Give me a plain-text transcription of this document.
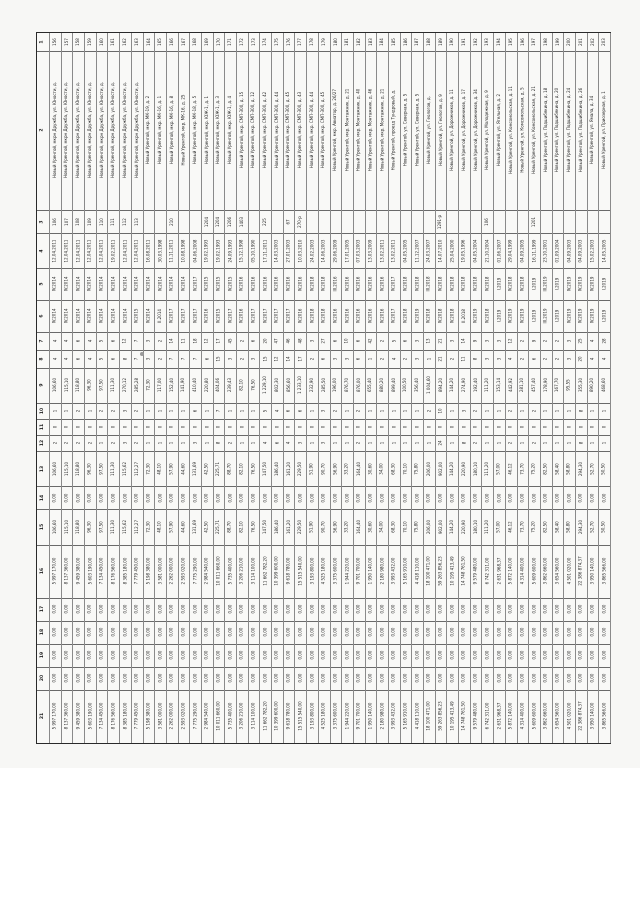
1
2
3
4
5
6
7
8
9
10
11
12
13
14
15
16
17
18
19
20
21
156
Новый Уренгой, мкрн Дружба, ул. Юности, д.
106
12.04.2011
IV.2014
IV.2014
4
4
106,60
1
0
2
106,60
0,00
106,60
5 997 170,00
0,00
0,00
0,00
0,00
5 997 170,00
157
Новый Уренгой, мкрн Дружба, ул. Юности, д.
107
12.04.2011
IV.2014
IV.2014
4
4
115,10
1
0
2
115,10
0,00
115,10
8 137 360,00
0,00
0,00
0,00
0,00
8 137 360,00
158
Новый Уренгой, мкрн Дружба, ул. Юности, д.
108
12.04.2011
IV.2014
IV.2014
6
6
118,80
2
0
2
118,80
0,00
118,80
9 459 380,00
0,00
0,00
0,00
0,00
9 459 380,00
159
Новый Уренгой, мкрн Дружба, ул. Юности, д.
109
12.04.2011
IV.2014
IV.2014
4
4
96,30
1
0
2
96,30
0,00
96,30
5 603 190,00
0,00
0,00
0,00
0,00
5 603 190,00
160
Новый Уренгой, мкрн Дружба, ул. Юности, д.
110
12.04.2011
IV.2014
IV.2014
5
5
97,50
2
0
1
97,50
0,00
97,50
7 134 450,00
0,00
0,00
0,00
0,00
7 134 450,00
161
Новый Уренгой, мкрн Дружба, ул. Юности, д.
111
19.02.2011
IV.2014
IV.2014
6
6
111,30
2
0
2
111,30
0,00
111,30
8 176 560,00
0,00
0,00
0,00
0,00
8 176 560,00
162
Новый Уренгой, мкрн Дружба, ул. Юности, д.
112
12.04.2011
IV.2014
IV.2014
12
8
270,12
3
0
3
115,62
0,00
115,62
8 385 180,00
0,00
0,00
0,00
0,00
8 385 180,00
163
Новый Уренгой, мкрн Дружба, ул. Юности, д.
113
12.04.2011
IV.2014
IV.2015
7
7
285,28
2
0
2
112,27
0,00
112,27
7 779 450,00
0,00
0,00
0,00
0,00
7 779 450,00
164
Новый Уренгой, мкр. МК-19, д. 2
16.08.2011
IV.2014
IV.2014
3
3
72,30
1
0
1
72,30
0,00
72,30
5 198 380,00
0,00
0,00
0,00
0,00
5 198 380,00
165
Новый Уренгой, мкр. МК-16, д. 1
30.03.1998
IV.2014
II.2014
2
2
117,00
1
0
1
48,10
0,00
48,10
3 581 000,00
0,00
0,00
0,00
0,00
3 581 000,00
166
Новый Уренгой, мкр. МК-16, д. 8
210
11.11.2011
IV.2014
IV.2017
14
7
152,40
1
0
1
57,90
0,00
57,90
2 262 000,00
0,00
0,00
0,00
0,00
2 262 000,00
167
Новый Уренгой, мкр. МК-16, д. 25
10.08.1998
IV.2014
IV.2017
11
7
141,90
1
0
1
44,60
0,00
44,60
2 593 020,00
0,00
0,00
0,00
0,00
2 593 020,00
168
Новый Уренгой, мкр. МК-18, д. 5
04.06.2008
IV.2017
IV.2017
18
7
410,40
6
0
3
131,69
0,00
131,69
7 775 290,00
0,00
0,00
0,00
0,00
7 775 290,00
169
Новый Уренгой, мкр. ЮЖ-1, д. 1
1204
19.02.1993
IV.2015
IV.2016
12
6
220,80
1
0
1
42,50
0,00
42,50
2 984 540,00
0,00
0,00
0,00
0,00
2 984 540,00
170
Новый Уренгой, мкр. ЮЖ-1, д. 3
1204
19.02.1993
IV.2015
IV.2015
17
15
404,06
7
0
8
225,71
0,00
225,71
10 011 660,00
0,00
0,00
0,00
0,00
10 011 660,00
171
Новый Уренгой, мкр. ЮЖ-1, д. 4
1206
24.09.1993
IV.2015
IV.2017
45
3
239,43
1
0
2
88,70
0,00
88,70
5 735 400,00
0,00
0,00
0,00
0,00
5 735 400,00
172
Новый Уренгой, мкр. СМП-300, д. 15
1403
15.12.1998
IV.2016
IV.2016
2
2
82,10
1
0
1
82,10
0,00
82,10
3 206 210,00
0,00
0,00
0,00
0,00
3 206 210,00
173
Новый Уренгой, мкр. СМП-300, д. 12
05.10.1990
IV.2016
IV.2017
6
3
76,50
1
0
1
76,50
0,00
76,50
3 114 100,00
0,00
0,00
0,00
0,00
3 114 100,00
174
Новый Уренгой, мкр. СМП-300, д. 42
225
17.11.2011
IV.2016
IV.2017
20
15
1 229,10
5
0
4
147,50
0,00
147,50
11 662 782,20
0,00
0,00
0,00
0,00
11 662 782,20
175
Новый Уренгой, мкр. СМП-300, д. 44
14.03.2003
IV.2016
IV.2017
47
12
802,30
4
0
6
186,40
0,00
186,40
10 399 600,00
0,00
0,00
0,00
0,00
10 399 600,00
176
Новый Уренгой, мкр. СМП-300, д. 45
67
27.01.2003
IV.2016
IV.2017
46
14
856,60
6
0
4
161,20
0,00
161,20
9 618 780,00
0,00
0,00
0,00
0,00
9 618 780,00
177
Новый Уренгой, мкр. СМП-300, д. 43
270-р
10.03.2010
IV.2016
IV.2016
48
17
1 233,10
6
0
3
229,50
0,00
229,50
15 515 540,00
0,00
0,00
0,00
0,00
15 515 540,00
178
Новый Уренгой, мкр. СМП-300, д. 44
24.02.2003
IV.2018
IV.2018
3
2
232,90
1
0
1
51,90
0,00
51,90
3 193 800,00
0,00
0,00
0,00
0,00
3 193 800,00
179
Новый Уренгой, мкр. СМП-300, д. 45
14.06.2003
IV.2018
IV.2018
27
6
285,50
3
0
3
90,70
0,00
90,70
4 525 180,00
0,00
0,00
0,00
0,00
4 525 180,00
180
Новый Уренгой, мкр. Авиатор, д. 26/27
29.06.2009
III.2016
IV.2016
6
3
196,00
2
0
1
56,90
0,00
56,90
3 375 600,00
0,00
0,00
0,00
0,00
3 375 600,00
181
Новый Уренгой, мкр. Монтажник, д. 21
17.01.2005
IV.2016
IV.2016
10
3
876,70
1
0
1
33,20
0,00
33,20
1 944 220,00
0,00
0,00
0,00
0,00
1 944 220,00
182
Новый Уренгой, мкр. Монтажник, д. 40
07.03.2003
IV.2016
IV.2016
6
6
876,00
2
0
2
164,40
0,00
164,40
9 701 700,00
0,00
0,00
0,00
0,00
9 701 700,00
183
Новый Уренгой, мкр. Монтажник, д. 46
13.03.2009
IV.2016
IV.2016
42
1
655,40
1
0
1
30,60
0,00
30,60
1 950 140,00
0,00
0,00
0,00
0,00
1 950 140,00
184
Новый Уренгой, мкр. Монтажник, д. 21
13.02.2011
IV.2016
IV.2016
2
2
880,20
1
0
1
34,00
0,00
34,00
2 180 980,00
0,00
0,00
0,00
0,00
2 180 980,00
185
Новый Уренгой, проезд Тундровый, д.
13.02.2011
IV.2017
IV.2017
5
4
899,40
1
0
1
68,30
0,00
68,30
3 993 432,00
0,00
0,00
0,00
0,00
3 993 432,00
186
Новый Уренгой, ул. Северная, д. 5
04.05.2005
IV.2018
IV.2018
6
2
100,50
1
0
1
70,10
0,00
70,10
5 165 910,00
0,00
0,00
0,00
0,00
5 165 910,00
187
Новый Уренгой, ул. Северная, д. 5
11.12.2007
IV.2018
IV.2019
3
3
356,40
1
0
1
75,80
0,00
75,80
4 418 110,00
0,00
0,00
0,00
0,00
4 418 110,00
188
Новый Уренгой, ул. Геологов, д.
24.03.2007
III.2018
IV.2018
13
1
1 004,60
2
0
1
206,00
0,00
206,00
18 100 471,00
0,00
0,00
0,00
0,00
18 100 471,00
189
Новый Уренгой, ул. Геологов, д. 9
1291-р
14.07.2010
IV.2018
IV.2018
21
21
894,20
10
0
24
902,00
0,00
902,00
59 263 856,23
0,00
0,00
0,00
0,00
59 263 856,23
190
Новый Уренгой, ул. Дорожников, д. 11
25.04.2000
IV.2018
IV.2018
3
2
144,20
1
0
1
144,20
0,00
144,20
10 195 413,49
0,00
0,00
0,00
0,00
10 195 413,49
191
Новый Уренгой, ул. Дорожников, д. 17
19.05.1996
IV.2018
II.2018
14
11
274,90
3
0
8
220,90
0,00
220,90
14 748 761,50
0,00
0,00
0,00
0,00
14 748 761,50
192
Новый Уренгой, ул. Дорожников, д. 34
04.05.2004
IV.2018
IV.2019
9
8
192,40
2
0
2
180,10
0,00
180,10
9 579 480,00
0,00
0,00
0,00
0,00
9 579 480,00
193
Новый Уренгой, ул. Молодежная, д. 9
106
21.10.2004
IV.2018
IV.2018
3
3
111,20
1
0
1
111,20
0,00
111,20
6 742 311,00
0,00
0,00
0,00
0,00
6 742 311,00
194
Новый Уренгой, ул. Ягельная, д. 2
01.06.2007
I.2019
I.2019
3
3
153,14
1
0
1
57,00
0,00
57,00
2 631 968,37
0,00
0,00
0,00
0,00
2 631 968,37
195
Новый Уренгой, ул. Комсомольская, д. 11
29.04.1999
IV.2018
IV.2019
12
4
442,92
2
0
2
46,12
0,00
46,12
5 872 140,00
0,00
0,00
0,00
0,00
5 872 140,00
196
Новый Уренгой, ул. Комсомольская, д. 5
04.09.2005
IV.2018
IV.2019
2
2
281,10
1
0
1
73,70
0,00
73,70
4 314 400,00
0,00
0,00
0,00
0,00
4 314 400,00
197
Новый Уренгой, ул. Комсомольская, д. 21
1201
16.11.1999
I.2019
I.2019
9
6
457,40
2
0
2
75,20
0,00
75,20
5 609 600,00
0,00
0,00
0,00
0,00
5 609 600,00
198
Новый Уренгой, ул. Подшибякина, д. 18
23.10.2001
III.2019
III.2019
2
2
178,90
1
0
1
82,50
0,00
82,50
3 862 660,00
0,00
0,00
0,00
0,00
3 862 660,00
199
Новый Уренгой, ул. Подшибякина, д. 20
01.09.2004
I.2019
I.2019
2
2
167,70
1
0
1
58,40
0,00
58,40
3 654 560,00
0,00
0,00
0,00
0,00
3 654 560,00
200
Новый Уренгой, ул. Подшибякина, д. 24
04.09.2003
IV.2019
IV.2019
3
3
95,55
1
0
1
58,80
0,00
58,80
4 501 020,00
0,00
0,00
0,00
0,00
4 501 020,00
201
Новый Уренгой, ул. Подшибякина, д. 26
04.09.2003
IV.2019
IV.2019
25
20
355,30
8
0
8
294,30
0,00
294,30
22 386 874,37
0,00
0,00
0,00
0,00
22 386 874,37
202
Новый Уренгой, ул. Ямала, д. 34
15.02.2003
IV.2019
IV.2019
4
4
890,20
1
0
1
52,70
0,00
52,70
3 950 140,00
0,00
0,00
0,00
0,00
3 950 140,00
203
Новый Уренгой, ул. Приозерная, д. 1
14.05.2005
I.2019
I.2019
28
4
468,60
1
0
1
50,50
0,00
50,50
3 865 566,00
0,00
0,00
0,00
0,00
3 865 566,00
